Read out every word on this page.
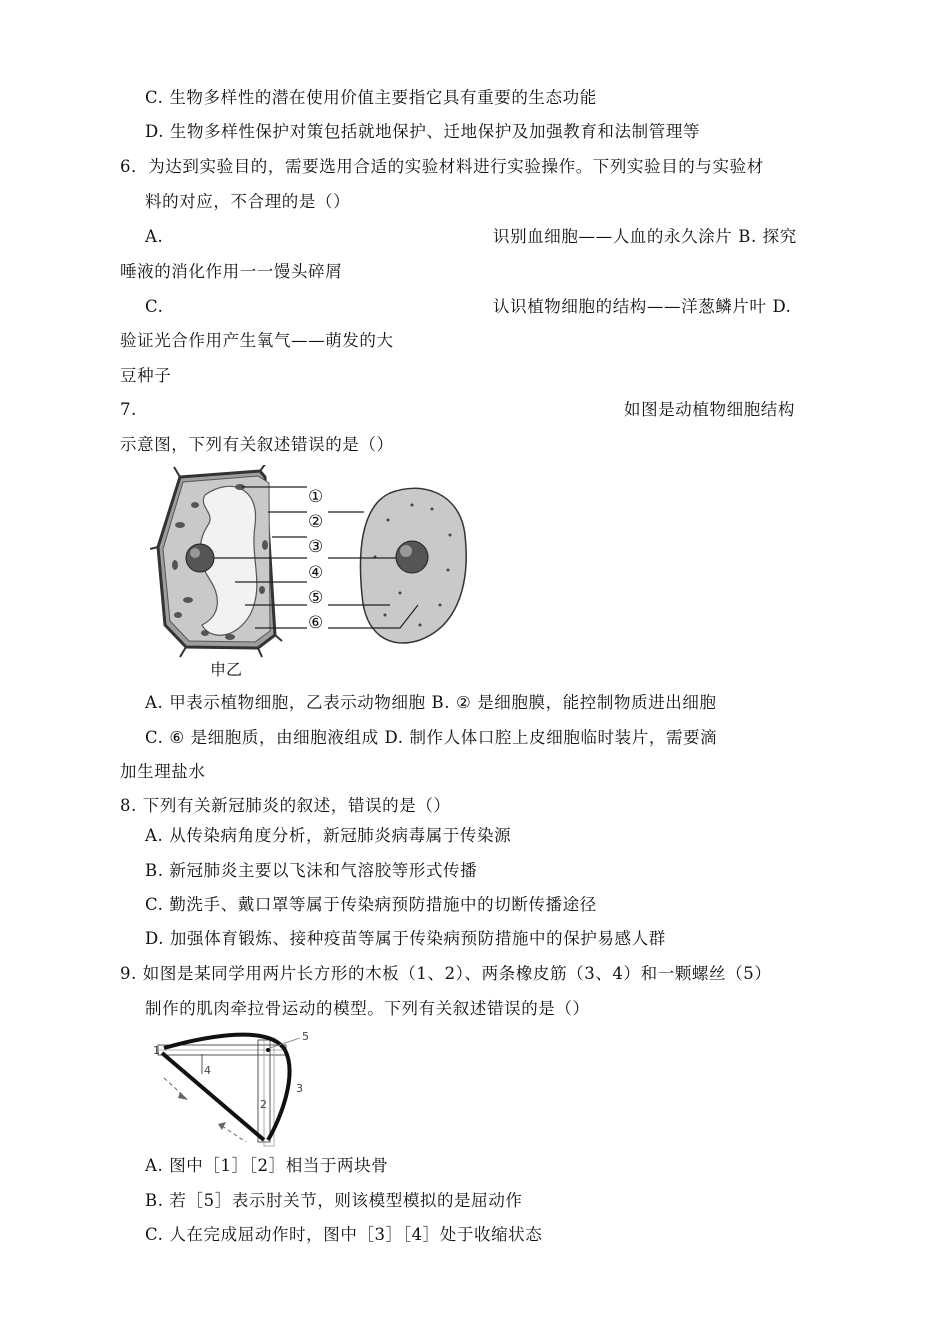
C. 生物多样性的潜在使用价值主要指它具有重要的生态功能
D. 生物多样性保护对策包括就地保护、迁地保护及加强教育和法制管理等
6．为达到实验目的，需要选用合适的实验材料进行实验操作。下列实验目的与实验材
料的对应，不合理的是（）
A.	识别血细胞——人血的永久涂片 B. 探究
唾液的消化作用一一馒头碎屑
C.	认识植物细胞的结构——洋葱鳞片叶 D.
验证光合作用产生氧气——萌发的大
豆种子
7.	如图是动植物细胞结构
示意图，下列有关叙述错误的是（）
①
②
③
④
⑤
⑥
申乙
A. 甲表示植物细胞，乙表示动物细胞 B. ② 是细胞膜，能控制物质进出细胞
C. ⑥ 是细胞质，由细胞液组成 D. 制作人体口腔上皮细胞临时装片，需要滴
加生理盐水
8. 下列有关新冠肺炎的叙述，错误的是（）
A. 从传染病角度分析，新冠肺炎病毒属于传染源
B. 新冠肺炎主要以飞沫和气溶胶等形式传播
C. 勤洗手、戴口罩等属于传染病预防措施中的切断传播途径
D. 加强体育锻炼、接种疫苗等属于传染病预防措施中的保护易感人群
9. 如图是某同学用两片长方形的木板（1、2）、两条橡皮筋（3、4）和一颗螺丝（5）
制作的肌肉牵拉骨运动的模型。下列有关叙述错误的是（）
1
2
3
4
5
A. 图中［1］［2］相当于两块骨
B. 若［5］表示肘关节，则该模型模拟的是屈动作
C. 人在完成屈动作时，图中［3］［4］处于收缩状态
